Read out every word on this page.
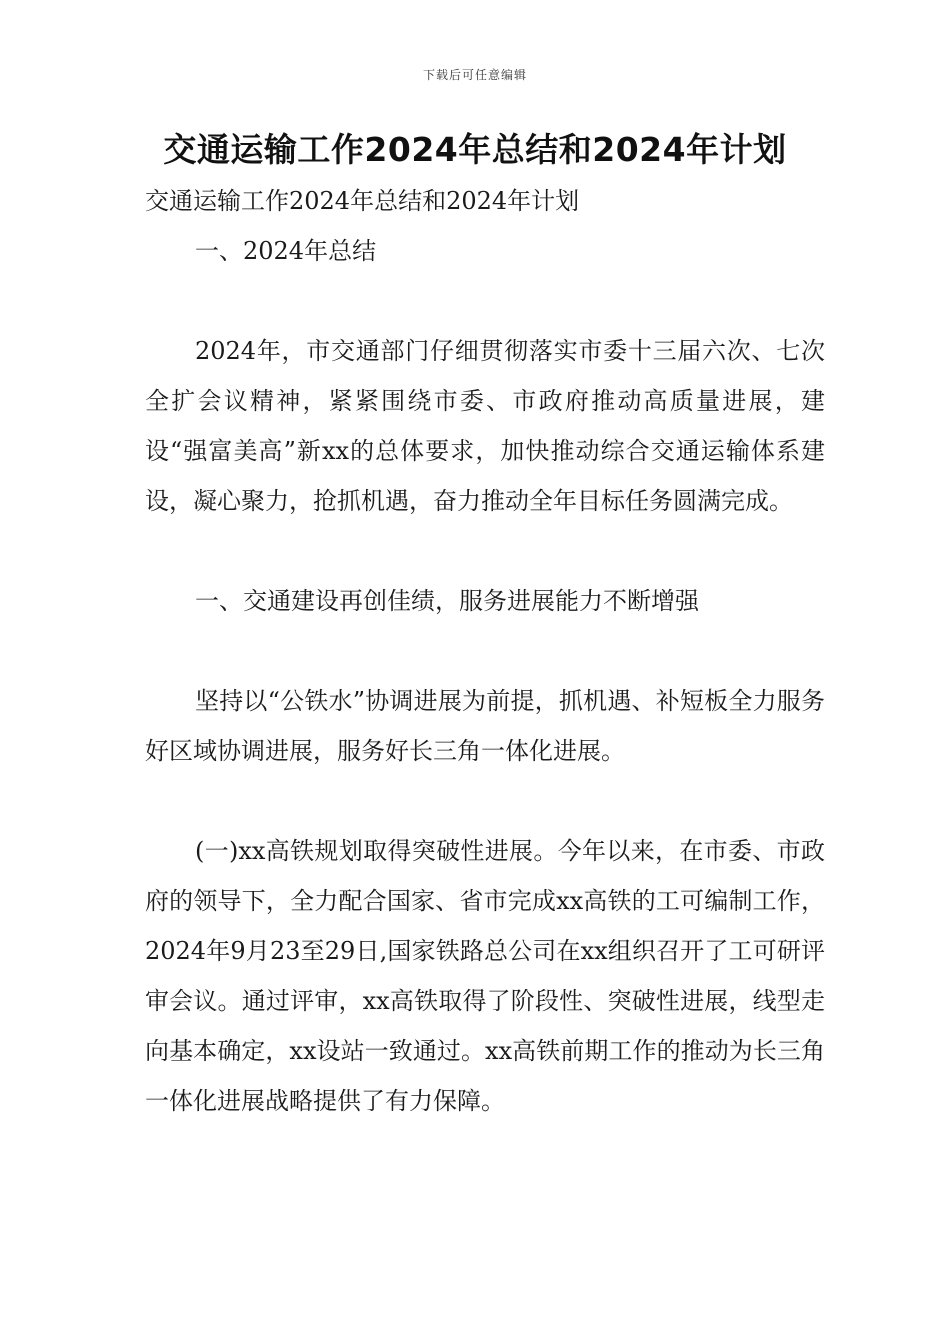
下载后可任意编辑
交通运输工作2024年总结和2024年计划

交通运输工作2024年总结和2024年计划

一、2024年总结

2024年，市交通部门仔细贯彻落实市委十三届六次、七次全扩会议精神，紧紧围绕市委、市政府推动高质量进展，建设“强富美高”新xx的总体要求，加快推动综合交通运输体系建设，凝心聚力，抢抓机遇，奋力推动全年目标任务圆满完成。

一、交通建设再创佳绩，服务进展能力不断增强

坚持以“公铁水”协调进展为前提，抓机遇、补短板全力服务好区域协调进展，服务好长三角一体化进展。

(一)xx高铁规划取得突破性进展。今年以来，在市委、市政府的领导下，全力配合国家、省市完成xx高铁的工可编制工作，2024年9月23至29日,国家铁路总公司在xx组织召开了工可研评审会议。通过评审，xx高铁取得了阶段性、突破性进展，线型走向基本确定，xx设站一致通过。xx高铁前期工作的推动为长三角一体化进展战略提供了有力保障。
